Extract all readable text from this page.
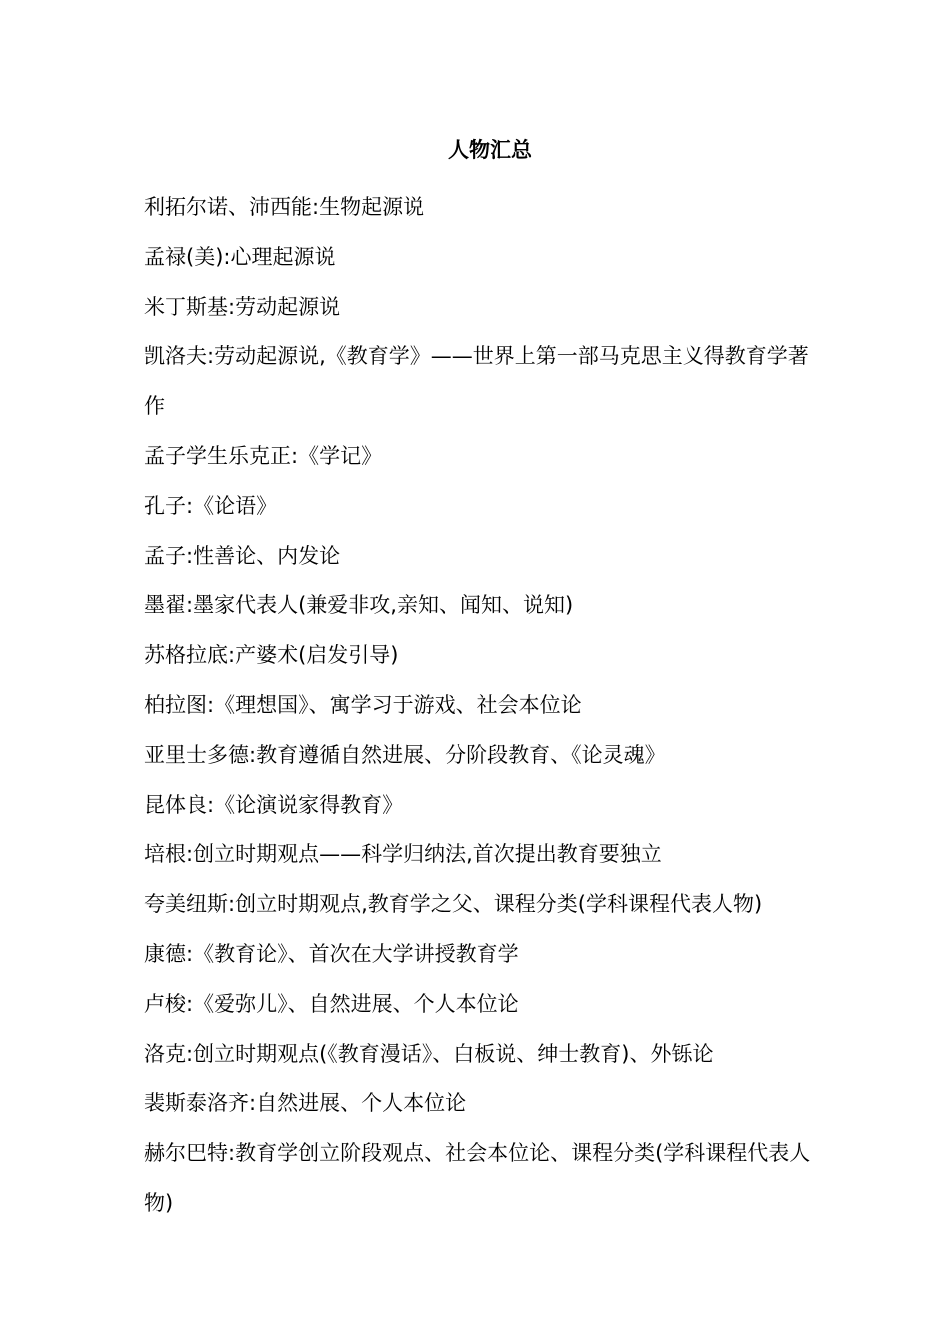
人物汇总
利拓尔诺、沛西能:生物起源说
孟禄(美):心理起源说
米丁斯基:劳动起源说
凯洛夫:劳动起源说,《教育学》——世界上第一部马克思主义得教育学著作
孟子学生乐克正:《学记》
孔子:《论语》
孟子:性善论、内发论
墨翟:墨家代表人(兼爱非攻,亲知、闻知、说知)
苏格拉底:产婆术(启发引导)
柏拉图:《理想国》、寓学习于游戏、社会本位论
亚里士多德:教育遵循自然进展、分阶段教育、《论灵魂》
昆体良:《论演说家得教育》
培根:创立时期观点——科学归纳法,首次提出教育要独立
夸美纽斯:创立时期观点,教育学之父、课程分类(学科课程代表人物)
康德:《教育论》、首次在大学讲授教育学
卢梭:《爱弥儿》、自然进展、个人本位论
洛克:创立时期观点(《教育漫话》、白板说、绅士教育)、外铄论
裴斯泰洛齐:自然进展、个人本位论
赫尔巴特:教育学创立阶段观点、社会本位论、课程分类(学科课程代表人物)
